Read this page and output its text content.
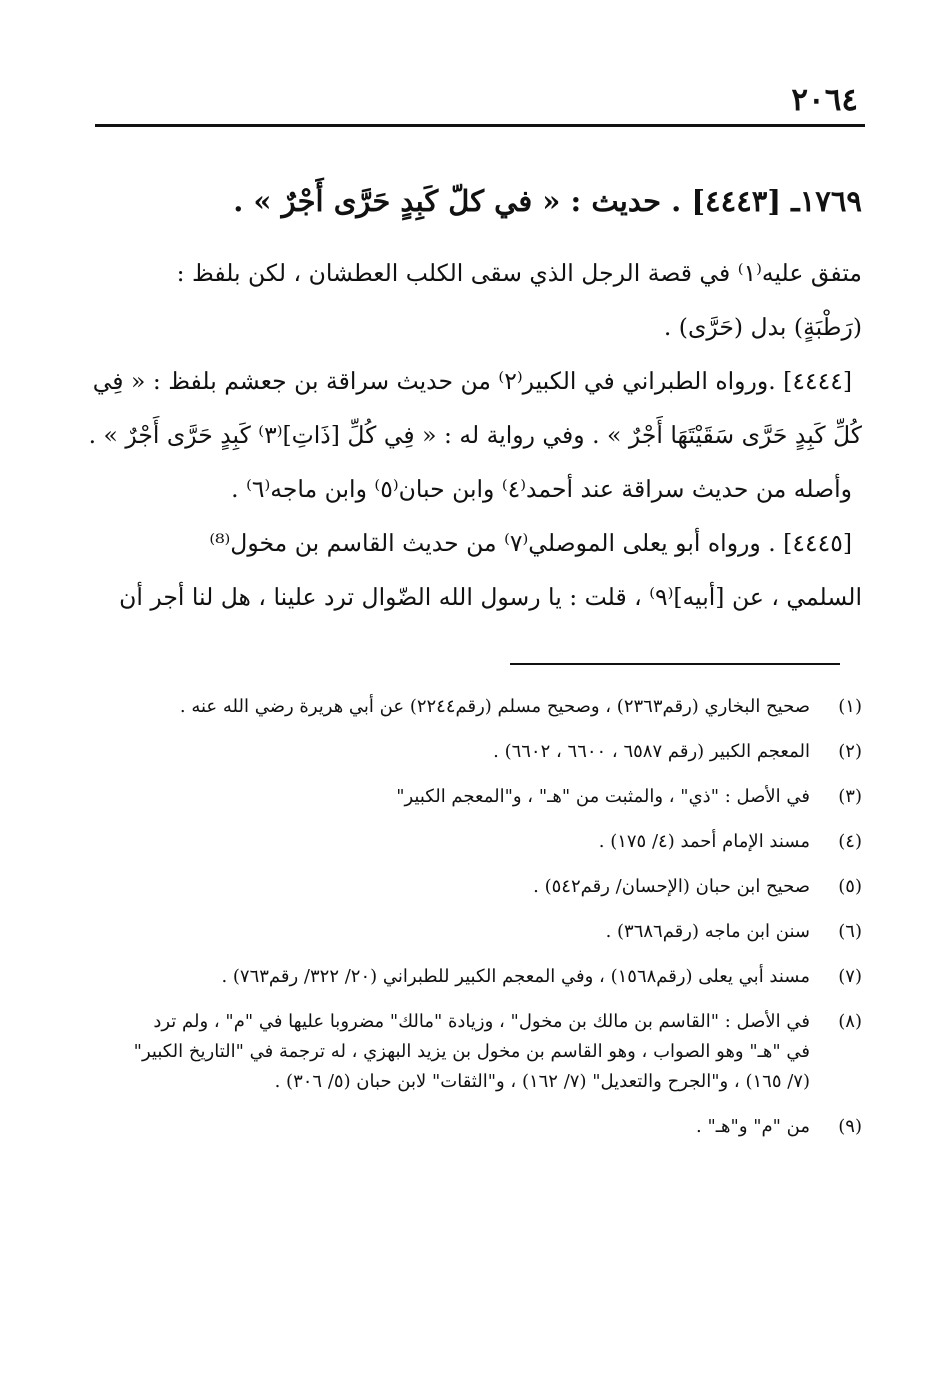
٢٠٦٤
١٧٦٩ـ [٤٤٤٣] . حديث : « في كلّ كَبِدٍ حَرَّى أَجْرٌ » .
متفق عليه⁽١⁾ في قصة الرجل الذي سقى الكلب العطشان ، لكن بلفظ :
(رَطْبَةٍ) بدل (حَرَّى) .
[٤٤٤٤] .ورواه الطبراني في الكبير⁽٢⁾ من حديث سراقة بن جعشم بلفظ : « فِي
كُلِّ كَبِدٍ حَرَّى سَقَيْتَهَا أَجْرٌ » . وفي رواية له : « فِي كُلِّ [ذَاتِ]⁽٣⁾ كَبِدٍ حَرَّى أَجْرٌ » .
وأصله من حديث سراقة عند أحمد⁽٤⁾ وابن حبان⁽٥⁾ وابن ماجه⁽٦⁾ .
[٤٤٤٥] . ورواه أبو يعلى الموصلي⁽٧⁾ من حديث القاسم بن مخول⁽⁸⁾
السلمي ، عن [أبيه]⁽٩⁾ ، قلت : يا رسول الله الضّوال ترد علينا ، هل لنا أجر أن
(١)
صحيح البخاري (رقم٢٣٦٣) ، وصحيح مسلم (رقم٢٢٤٤) عن أبي هريرة رضي الله عنه .
(٢)
المعجم الكبير (رقم ٦٥٨٧ ، ٦٦٠٠ ، ٦٦٠٢) .
(٣)
في الأصل : "ذي" ، والمثبت من "هـ" ، و"المعجم الكبير"
(٤)
مسند الإمام أحمد (٤/ ١٧٥) .
(٥)
صحيح ابن حبان (الإحسان/ رقم٥٤٢) .
(٦)
سنن ابن ماجه (رقم٣٦٨٦) .
(٧)
مسند أبي يعلى (رقم١٥٦٨) ، وفي المعجم الكبير للطبراني (٢٠/ ٣٢٢/ رقم٧٦٣) .
(٨)
في الأصل : "القاسم بن مالك بن مخول" ، وزيادة "مالك" مضروبا عليها في "م" ، ولم ترد
في "هـ" وهو الصواب ، وهو القاسم بن مخول بن يزيد البهزي ، له ترجمة في "التاريخ الكبير"
(٧/ ١٦٥) ، و"الجرح والتعديل" (٧/ ١٦٢) ، و"الثقات" لابن حبان (٥/ ٣٠٦) .
(٩)
من "م" و"هـ" .
